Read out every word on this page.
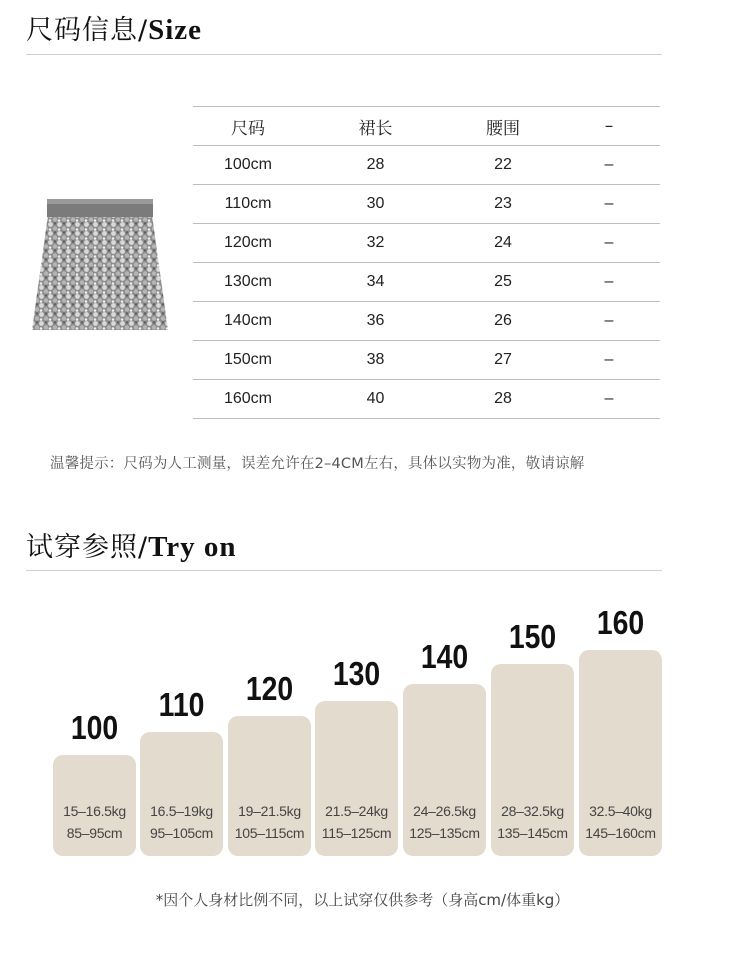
尺码信息/Size
尺码	裙长	腰围	–
100cm	28	22	–
110cm	30	23	–
120cm	32	24	–
130cm	34	25	–
140cm	36	26	–
150cm	38	27	–
160cm	40	28	–
温馨提示：尺码为人工测量，误差允许在2–4CM左右，具体以实物为准，敬请谅解
试穿参照/Try on
100
15–16.5kg
85–95cm
110
16.5–19kg
95–105cm
120
19–21.5kg
105–115cm
130
21.5–24kg
115–125cm
140
24–26.5kg
125–135cm
150
28–32.5kg
135–145cm
160
32.5–40kg
145–160cm
*因个人身材比例不同，以上试穿仅供参考（身高cm/体重kg）
